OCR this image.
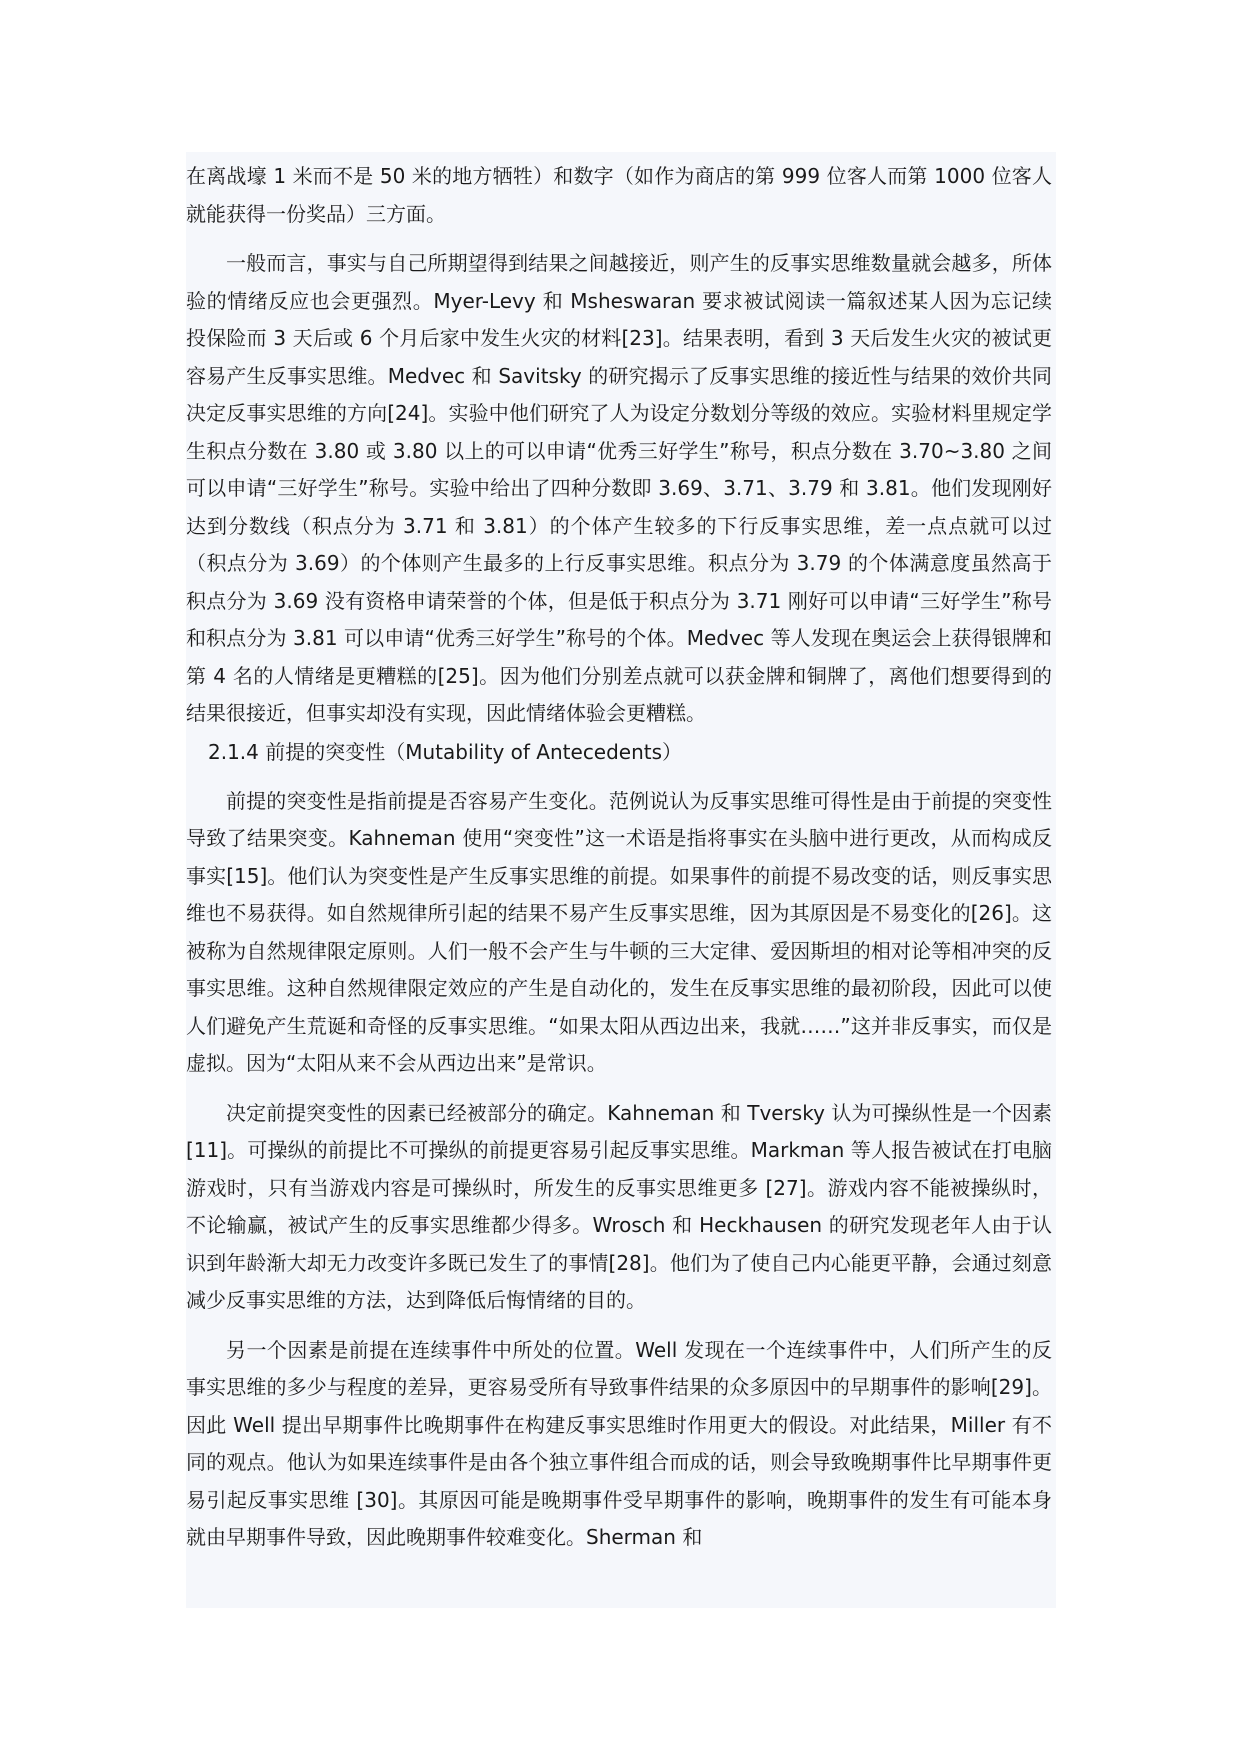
在离战壕 1 米而不是 50 米的地方牺牲）和数字（如作为商店的第 999 位客人而第 1000 位客人就能获得一份奖品）三方面。

一般而言，事实与自己所期望得到结果之间越接近，则产生的反事实思维数量就会越多，所体验的情绪反应也会更强烈。Myer-Levy 和 Msheswaran 要求被试阅读一篇叙述某人因为忘记续投保险而 3 天后或 6 个月后家中发生火灾的材料[23]。结果表明，看到 3 天后发生火灾的被试更容易产生反事实思维。Medvec 和 Savitsky 的研究揭示了反事实思维的接近性与结果的效价共同决定反事实思维的方向[24]。实验中他们研究了人为设定分数划分等级的效应。实验材料里规定学生积点分数在 3.80 或 3.80 以上的可以申请“优秀三好学生”称号，积点分数在 3.70~3.80 之间可以申请“三好学生”称号。实验中给出了四种分数即 3.69、3.71、3.79 和 3.81。他们发现刚好达到分数线（积点分为 3.71 和 3.81）的个体产生较多的下行反事实思维，差一点点就可以过（积点分为 3.69）的个体则产生最多的上行反事实思维。积点分为 3.79 的个体满意度虽然高于积点分为 3.69 没有资格申请荣誉的个体，但是低于积点分为 3.71 刚好可以申请“三好学生”称号和积点分为 3.81 可以申请“优秀三好学生”称号的个体。Medvec 等人发现在奥运会上获得银牌和第 4 名的人情绪是更糟糕的[25]。因为他们分别差点就可以获金牌和铜牌了，离他们想要得到的结果很接近，但事实却没有实现，因此情绪体验会更糟糕。

2.1.4 前提的突变性（Mutability of Antecedents）

前提的突变性是指前提是否容易产生变化。范例说认为反事实思维可得性是由于前提的突变性导致了结果突变。Kahneman 使用“突变性”这一术语是指将事实在头脑中进行更改，从而构成反事实[15]。他们认为突变性是产生反事实思维的前提。如果事件的前提不易改变的话，则反事实思维也不易获得。如自然规律所引起的结果不易产生反事实思维，因为其原因是不易变化的[26]。这被称为自然规律限定原则。人们一般不会产生与牛顿的三大定律、爱因斯坦的相对论等相冲突的反事实思维。这种自然规律限定效应的产生是自动化的，发生在反事实思维的最初阶段，因此可以使人们避免产生荒诞和奇怪的反事实思维。“如果太阳从西边出来，我就……”这并非反事实，而仅是虚拟。因为“太阳从来不会从西边出来”是常识。

决定前提突变性的因素已经被部分的确定。Kahneman 和 Tversky 认为可操纵性是一个因素[11]。可操纵的前提比不可操纵的前提更容易引起反事实思维。Markman 等人报告被试在打电脑游戏时，只有当游戏内容是可操纵时，所发生的反事实思维更多 [27]。游戏内容不能被操纵时，不论输赢，被试产生的反事实思维都少得多。Wrosch 和 Heckhausen 的研究发现老年人由于认识到年龄渐大却无力改变许多既已发生了的事情[28]。他们为了使自己内心能更平静，会通过刻意减少反事实思维的方法，达到降低后悔情绪的目的。

另一个因素是前提在连续事件中所处的位置。Well 发现在一个连续事件中，人们所产生的反事实思维的多少与程度的差异，更容易受所有导致事件结果的众多原因中的早期事件的影响[29]。因此 Well 提出早期事件比晚期事件在构建反事实思维时作用更大的假设。对此结果，Miller 有不同的观点。他认为如果连续事件是由各个独立事件组合而成的话，则会导致晚期事件比早期事件更易引起反事实思维 [30]。其原因可能是晚期事件受早期事件的影响，晚期事件的发生有可能本身就由早期事件导致，因此晚期事件较难变化。Sherman 和
